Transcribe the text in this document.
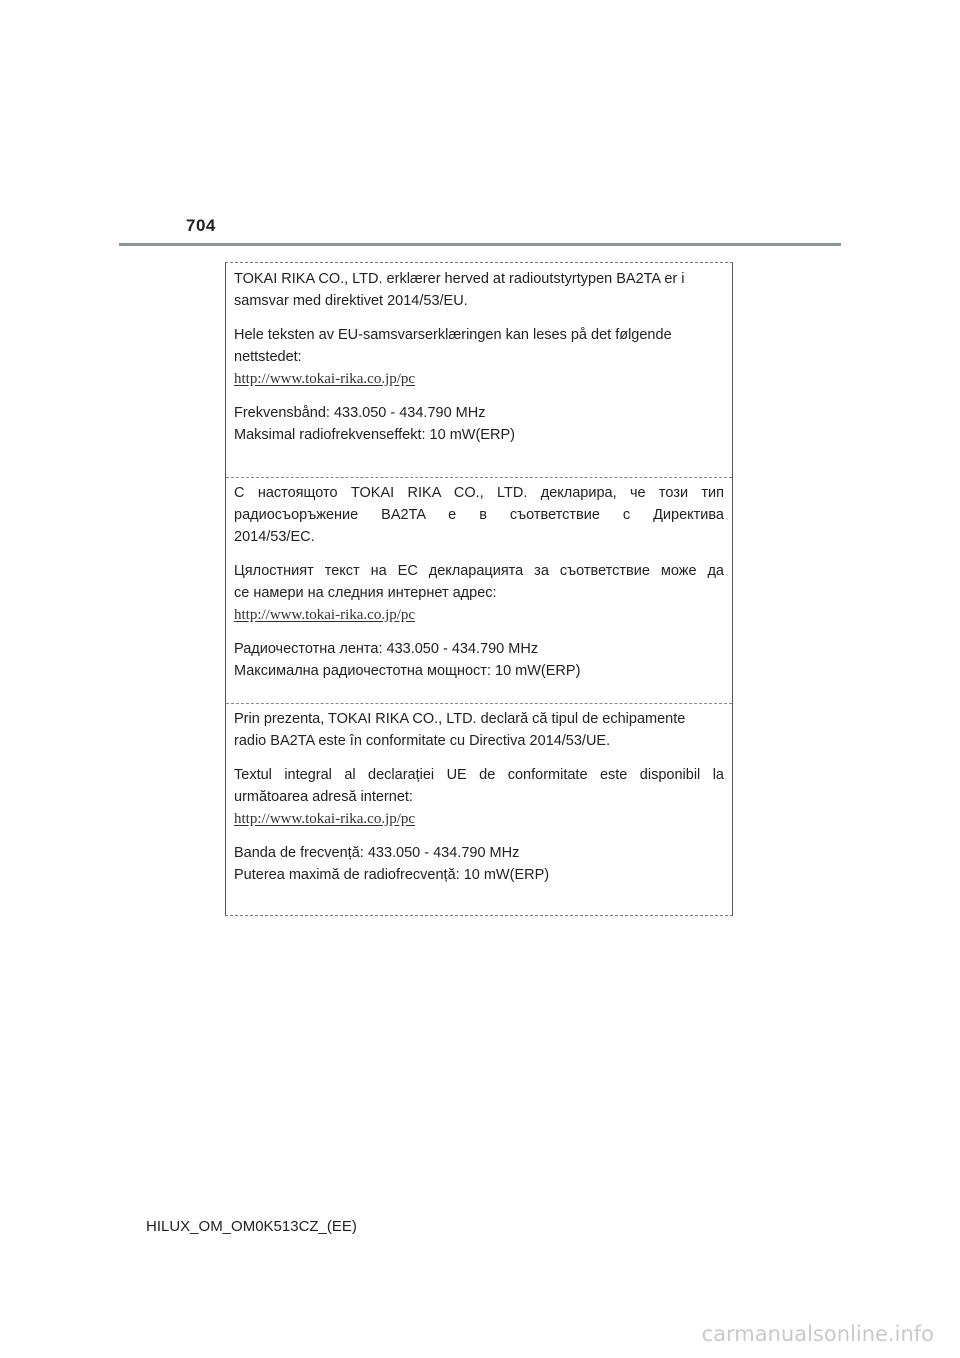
704
TOKAI RIKA CO., LTD. erklærer herved at radioutstyrtypen BA2TA er i
samsvar med direktivet 2014/53/EU.
Hele teksten av EU-samsvarserklæringen kan leses på det følgende
nettstedet:
http://www.tokai-rika.co.jp/pc
Frekvensbånd: 433.050 - 434.790 MHz
Maksimal radiofrekvenseffekt: 10 mW(ERP)
С настоящото TOKAI RIKA CO., LTD. декларира, че този тип
радиосъоръжение BA2TA е в съответствие с Директива
2014/53/ЕС.
Цялостният текст на ЕС декларацията за съответствие може да
се намери на следния интернет адрес:
http://www.tokai-rika.co.jp/pc
Радиочестотна лента: 433.050 - 434.790 MHz
Максимална радиочестотна мощност: 10 mW(ERP)
Prin prezenta, TOKAI RIKA CO., LTD. declară că tipul de echipamente
radio BA2TA este în conformitate cu Directiva 2014/53/UE.
Textul integral al declarației UE de conformitate este disponibil la
următoarea adresă internet:
http://www.tokai-rika.co.jp/pc
Banda de frecvență: 433.050 - 434.790 MHz
Puterea maximă de radiofrecvență: 10 mW(ERP)
HILUX_OM_OM0K513CZ_(EE)
carmanualsonline.info
